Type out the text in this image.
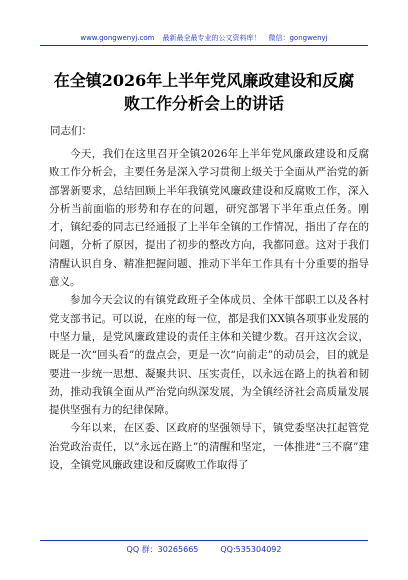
www.gongwenyj.com 最新最全最专业的公文资料库！ 微信：gongwenyj
在全镇2026年上半年党风廉政建设和反腐
败工作分析会上的讲话
同志们：

今天，我们在这里召开全镇2026年上半年党风廉政建设和反腐败工作分析会，主要任务是深入学习贯彻上级关于全面从严治党的新部署新要求，总结回顾上半年我镇党风廉政建设和反腐败工作，深入分析当前面临的形势和存在的问题，研究部署下半年重点任务。刚才，镇纪委的同志已经通报了上半年全镇的工作情况，指出了存在的问题，分析了原因，提出了初步的整改方向，我都同意。这对于我们清醒认识自身、精准把握问题、推动下半年工作具有十分重要的指导意义。

参加今天会议的有镇党政班子全体成员、全体干部职工以及各村党支部书记。可以说，在座的每一位，都是我们XX镇各项事业发展的中坚力量，是党风廉政建设的责任主体和关键少数。召开这次会议，既是一次“回头看”的盘点会，更是一次“向前走”的动员会，目的就是要进一步统一思想、凝聚共识、压实责任，以永远在路上的执着和韧劲，推动我镇全面从严治党向纵深发展，为全镇经济社会高质量发展提供坚强有力的纪律保障。

今年以来，在区委、区政府的坚强领导下，镇党委坚决扛起管党治党政治责任，以“永远在路上”的清醒和坚定，一体推进“三不腐”建设，全镇党风廉政建设和反腐败工作取得了

QQ 群：30265665	QQ:535304092
